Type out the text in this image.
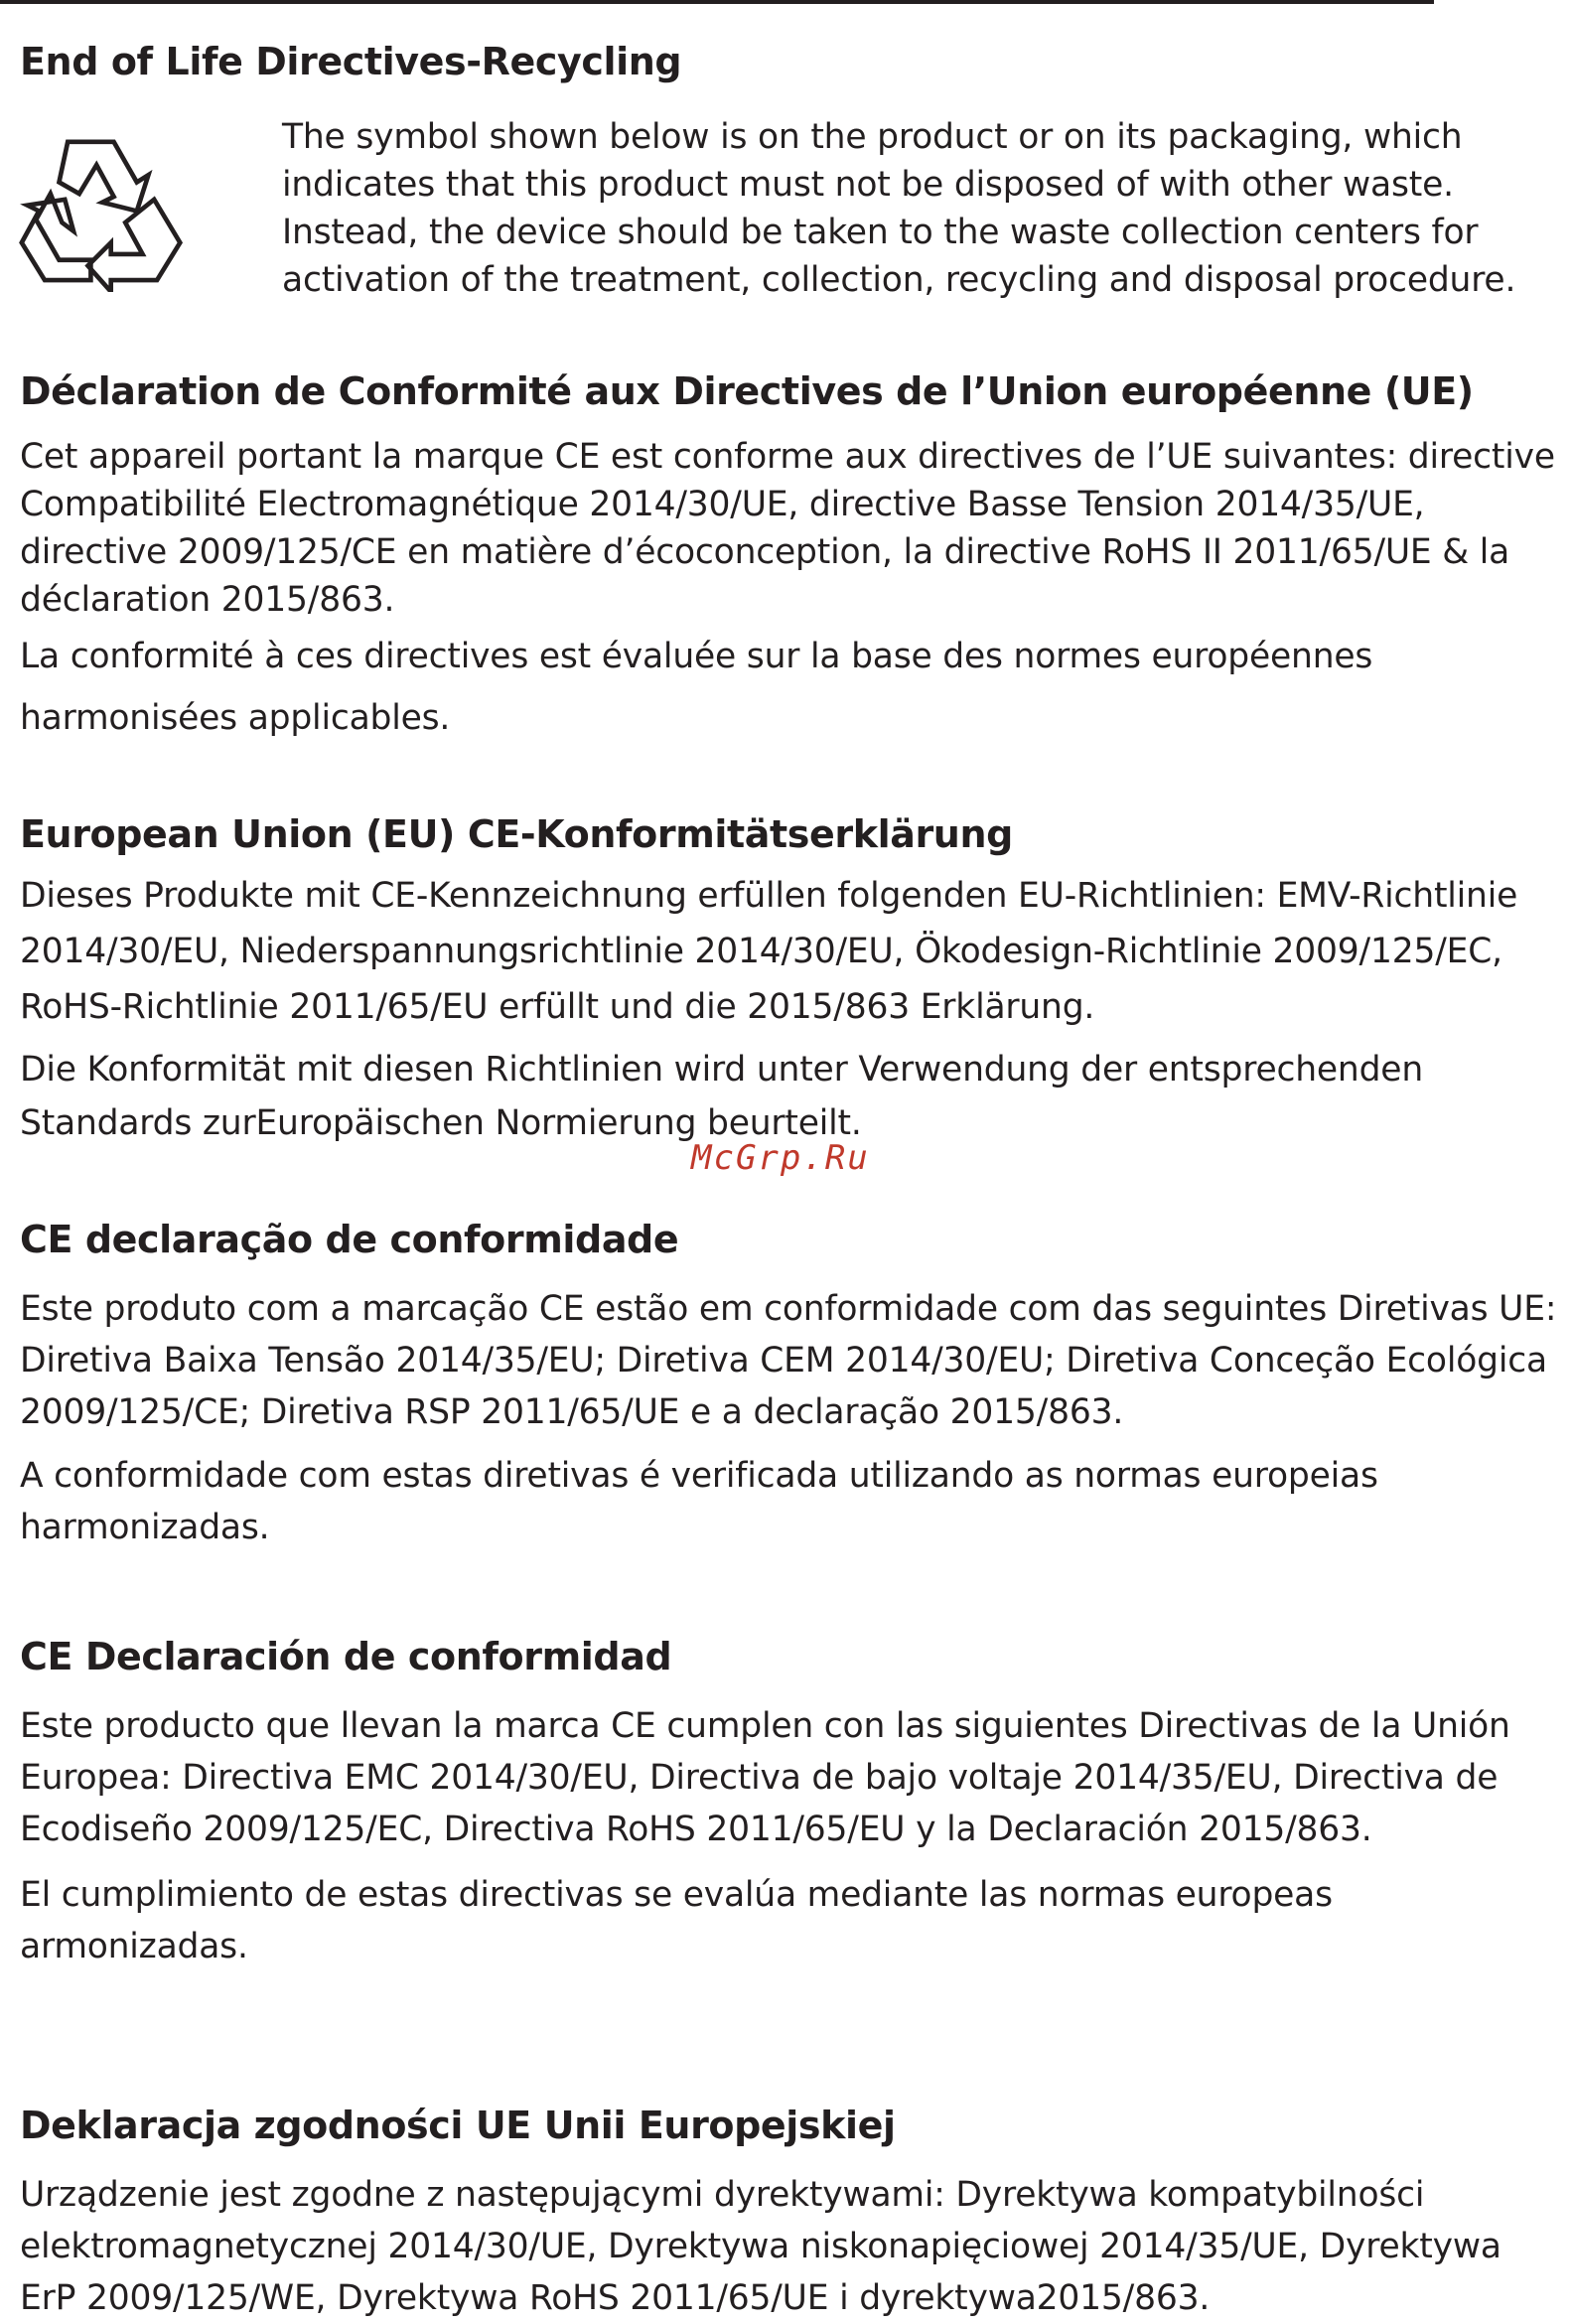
End of Life Directives-Recycling

The symbol shown below is on the product or on its packaging, which indicates that this product must not be disposed of with other waste. Instead, the device should be taken to the waste collection centers for activation of the treatment, collection, recycling and disposal procedure.

Déclaration de Conformité aux Directives de l’Union européenne (UE)

Cet appareil portant la marque CE est conforme aux directives de l’UE suivantes: directive Compatibilité Electromagnétique 2014/30/UE, directive Basse Tension 2014/35/UE, directive 2009/125/CE en matière d’écoconception, la directive RoHS II 2011/65/UE & la déclaration 2015/863.

La conformité à ces directives est évaluée sur la base des normes européennes harmonisées applicables.

European Union (EU) CE-Konformitätserklärung

Dieses Produkte mit CE-Kennzeichnung erfüllen folgenden EU-Richtlinien: EMV-Richtlinie 2014/30/EU, Niederspannungsrichtlinie 2014/30/EU, Ökodesign-Richtlinie 2009/125/EC, RoHS-Richtlinie 2011/65/EU erfüllt und die 2015/863 Erklärung.

Die Konformität mit diesen Richtlinien wird unter Verwendung der entsprechenden Standards zurEuropäischen Normierung beurteilt.

McGrp.Ru
CE declaração de conformidade

Este produto com a marcação CE estão em conformidade com das seguintes Diretivas UE: Diretiva Baixa Tensão 2014/35/EU; Diretiva CEM 2014/30/EU; Diretiva Conceção Ecológica 2009/125/CE; Diretiva RSP 2011/65/UE e a declaração 2015/863.

A conformidade com estas diretivas é verificada utilizando as normas europeias harmonizadas.

CE Declaración de conformidad

Este producto que llevan la marca CE cumplen con las siguientes Directivas de la Unión Europea: Directiva EMC 2014/30/EU, Directiva de bajo voltaje 2014/35/EU, Directiva de Ecodiseño 2009/125/EC, Directiva RoHS 2011/65/EU y la Declaración 2015/863.

El cumplimiento de estas directivas se evalúa mediante las normas europeas armonizadas.

Deklaracja zgodności UE Unii Europejskiej

Urządzenie jest zgodne z następującymi dyrektywami: Dyrektywa kompatybilności elektromagnetycznej 2014/30/UE, Dyrektywa niskonapięciowej 2014/35/UE, Dyrektywa ErP 2009/125/WE, Dyrektywa RoHS 2011/65/UE i dyrektywa2015/863.
